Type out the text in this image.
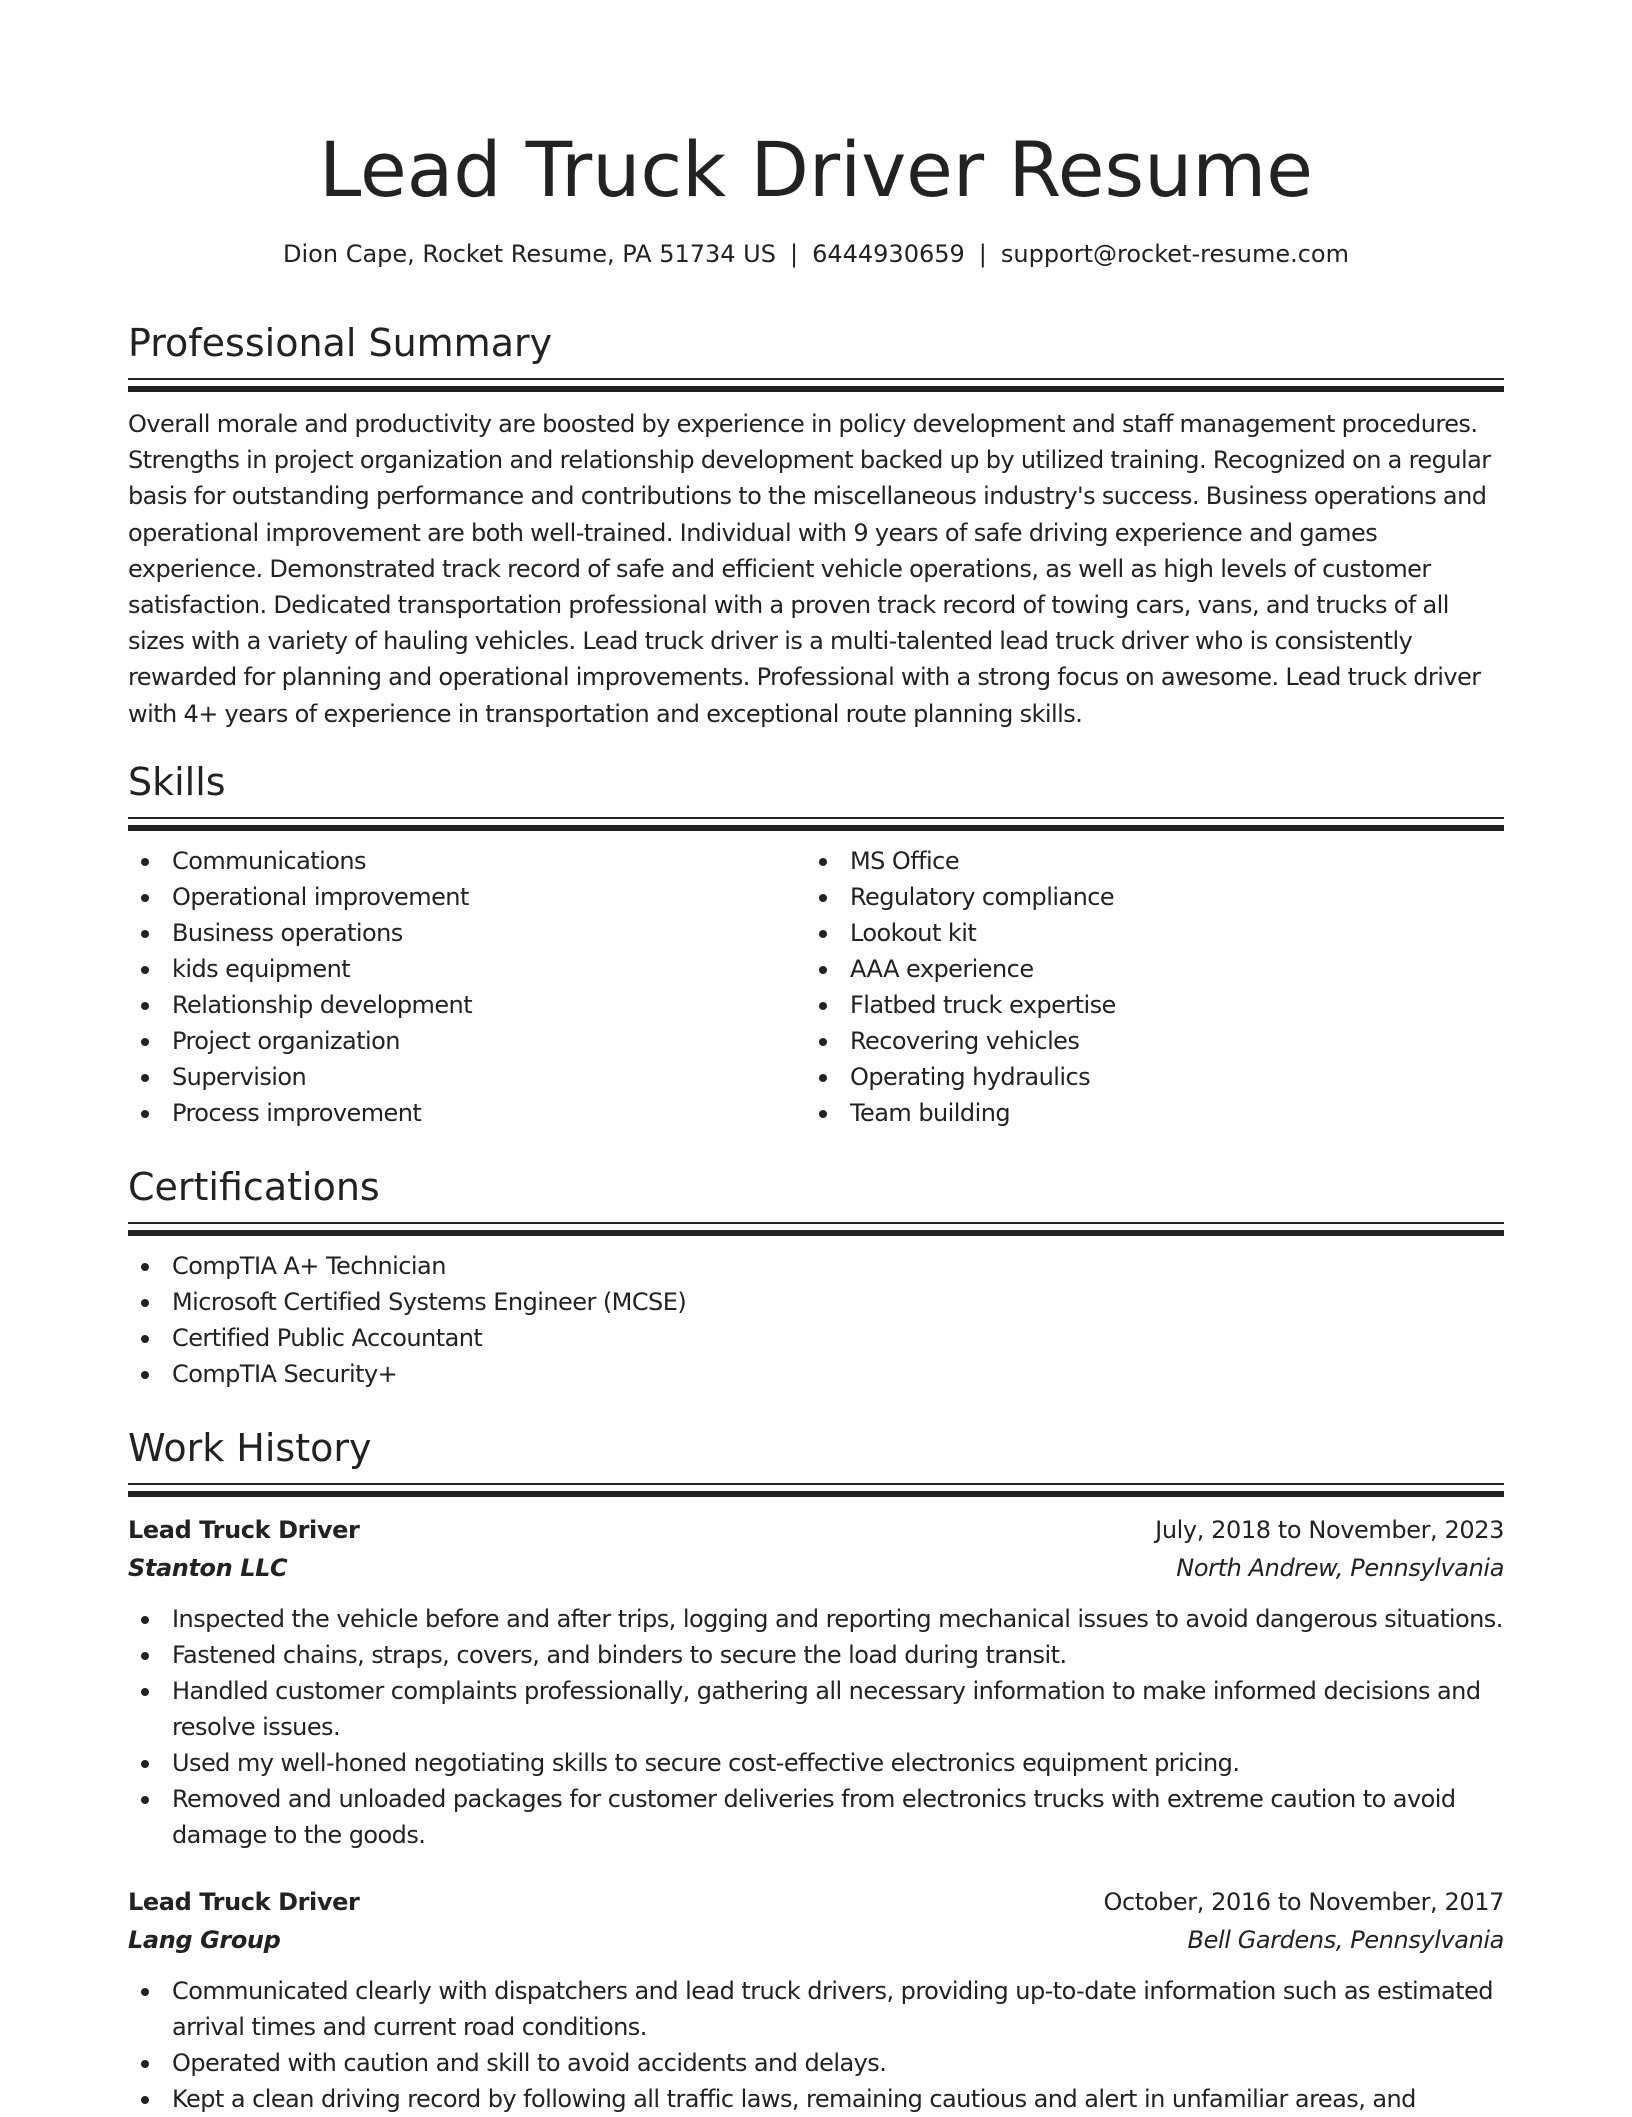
Lead Truck Driver Resume
Dion Cape, Rocket Resume, PA 51734 US | 6444930659 | support@rocket-resume.com
Professional Summary

Overall morale and productivity are boosted by experience in policy development and staff management procedures. Strengths in project organization and relationship development backed up by utilized training. Recognized on a regular basis for outstanding performance and contributions to the miscellaneous industry's success. Business operations and operational improvement are both well-trained. Individual with 9 years of safe driving experience and games experience. Demonstrated track record of safe and efficient vehicle operations, as well as high levels of customer satisfaction. Dedicated transportation professional with a proven track record of towing cars, vans, and trucks of all sizes with a variety of hauling vehicles. Lead truck driver is a multi-talented lead truck driver who is consistently rewarded for planning and operational improvements. Professional with a strong focus on awesome. Lead truck driver with 4+ years of experience in transportation and exceptional route planning skills.

Skills
Communications
Operational improvement
Business operations
kids equipment
Relationship development
Project organization
Supervision
Process improvement
MS Office
Regulatory compliance
Lookout kit
AAA experience
Flatbed truck expertise
Recovering vehicles
Operating hydraulics
Team building
Certifications
CompTIA A+ Technician
Microsoft Certified Systems Engineer (MCSE)
Certified Public Accountant
CompTIA Security+
Work History
Lead Truck Driver	July, 2018 to November, 2023
Stanton LLC	North Andrew, Pennsylvania
Inspected the vehicle before and after trips, logging and reporting mechanical issues to avoid dangerous situations.
Fastened chains, straps, covers, and binders to secure the load during transit.
Handled customer complaints professionally, gathering all necessary information to make informed decisions and resolve issues.
Used my well-honed negotiating skills to secure cost-effective electronics equipment pricing.
Removed and unloaded packages for customer deliveries from electronics trucks with extreme caution to avoid damage to the goods.
Lead Truck Driver	October, 2016 to November, 2017
Lang Group	Bell Gardens, Pennsylvania
Communicated clearly with dispatchers and lead truck drivers, providing up-to-date information such as estimated arrival times and current road conditions.
Operated with caution and skill to avoid accidents and delays.
Kept a clean driving record by following all traffic laws, remaining cautious and alert in unfamiliar areas, and
